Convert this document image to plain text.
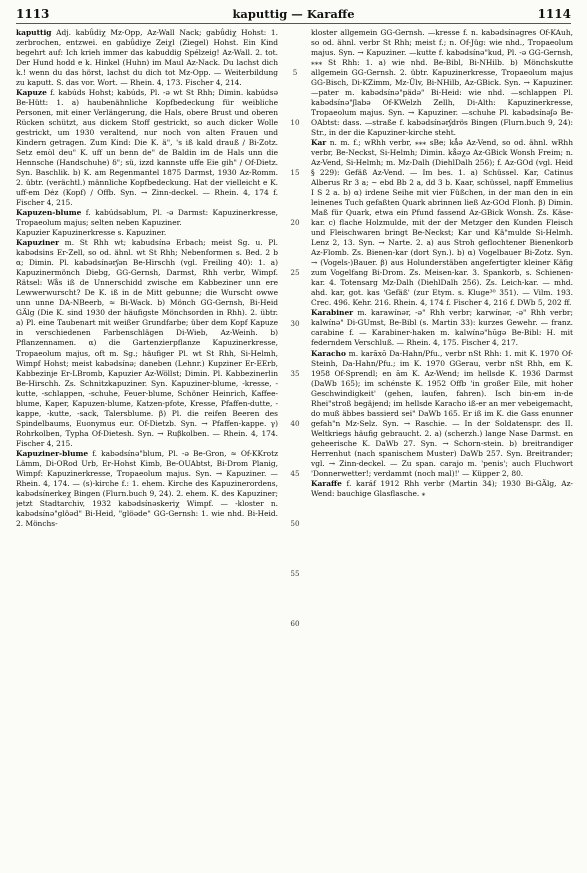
1113	kaputtig — Karaffe	1114

kaputtig Adj. kabǘdiχ Mz-Opp, Az-Wall Nack; gabǘdiχ Hohst: 1. zerbrochen, entzwei. en gabǘdiχe Ζeiχl (Ziegel) Hohst. Ein Kind begehrt auf: Ich krieh immer das kabuddig Spélzeig! Az-Wall. 2. tot. Der Hund hodd e k. Hinkel (Huhn) im Maul Az-Nack. Du lachst dich k.! wenn du das hörst, lachst du dich tot Mz-Opp. — Weiterbildung zu kaputt. S. das vor. Wort. — Rhein. 4, 173. Fischer 4, 214.

Kapuze f. kabúds Hohst; kabúds, Pl. -ə wt St Rhh; Dimin. kabúdsǝ Be-Hütt: 1. a) haubenähnliche Kopfbedeckung für weibliche Personen, mit einer Verlängerung, die Hals, obere Brust und oberen Rücken schützt, aus dickem Stoff gestrickt, so auch dicker Wolle gestrickt, um 1930 veraltend, nur noch von alten Frauen und Kindern getragen. Zum Kind: Die K. ä", 's iß kald drauß / Bi-Zotz. Setz emòl deu" K. uff un benn de" de Baldin im de Hals unn die Hennsche (Handschuhe) δ"; sü, izzd kannste uffe Eie gih" / Of-Dietz. Syn. Baschlik. b) K. am Regenmantel 1875 Darmst, 1930 Az-Romm. 2. übtr. (verächtl.) männliche Kopfbedeckung. Hat der vielleicht e K. uff-em Dėz (Kopf) / Offb. Syn. → Zinn-deckel. — Rhein. 4, 174 f. Fischer 4, 215.

Kapuzen-blume f. kabúdsǝblum, Pl. -ǝ Darmst: Kapuzinerkresse, Tropaeolum majus; selten neben Kapuziner.

Kapuzier Kapuzinerkresse s. Kapuziner.

Kapuziner m. St Rhh wt; kabudsínǝ Erbach; meist Sg. u. Pl. kabǝdsins Er-Zell, so od. ähnl. wt St Rhh; Nebenformen s. Bed. 2 b α; Dimin. Pl. kabǝdsínǝrʃǝn Be-Hirschh (vgl. Freiling 40): 1. a) Kapuzinermönch Diebg, GG-Gernsh, Darmst, Rhh verbr, Wimpf. Rätsel: Wås iß de Unnerschidd zwische em Kabbeziner unn ere Lewwerwurscht? De K. iß in de Mitt gebunne; die Wurscht owwe unn unne DA-NBeerb, ≈ Bi-Wack. b) Mönch GG-Gernsh, Bi-Heid GÄlg (Die K. sind 1930 der häufigste Mönchsorden in Rhh). 2. übtr. a) Pl. eine Taubenart mit weißer Grundfarbe; über dem Kopf Kapuze in verschiedenen Farbenschlägen Di-Wieb, Az-Weinh. b) Pflanzennamen. α) die Gartenzierpflanze Kapuzinerkresse, Tropaeolum majus, oft m. Sg.; häufiger Pl. wt St Rhh, Si-Helmh, Wimpf Hohst; meist kabǝdsínǝ; daneben (Lehnr.) Kupziner Er-EErb, Kabbezinje Er-LBromb, Kapuzier Az-Wöllst; Dimin. Pl. Kabbezinerlin Be-Hirschh. Zs. Schnitzkapuziner. Syn. Kapuziner-blume, -kresse, -kutte, -schlappen, -schuhe, Feuer-blume, Schöner Heinrich, Kaffee-blume, Kaper, Kapuzen-blume, Katzen-pfote, Kresse, Pfaffen-dutte, -kappe, -kutte, -sack, Talersblume. β) Pl. die reifen Beeren des Spindelbaums, Euonymus eur. Of-Dietzb. Syn. → Pfaffen-kappe. γ) Rohrkolben, Typha Of-Dietesh. Syn. → Ruβkolben. — Rhein. 4, 174. Fischer 4, 215.

Kapuziner-blume f. kabǝdsínǝ"blum, Pl. -ǝ Be-Gron, ≈ Of-KKrotz Lämm, Di-ORod Urb, Er-Hohst Kimb, Be-OUAbtst, Bi-Drom Planig, Wimpf: Kapuzinerkresse, Tropaeolum majus. Syn. → Kapuziner. — Rhein. 4, 174. — (s)-kirche f.: 1. ehem. Kirche des Kapuzinerordens, kabǝdsínerkeχ Bingen (Flurn.buch 9, 24). 2. ehem. K. des Kapuziner; jetzt Stadtarchiv, 1932 kabǝdsínǝskeriχ Wimpf. — -kloster n. kabǝdsínǝ"glöǝd" Bi-Heid, "glöǝde" GG-Gernsh: 1. wie nhd. Bi-Heid. 2. Mönchs-

5
10
15
20
25
30
35
40
45
50
55
60

kloster allgemein GG-Gernsh. —kresse f. n. kabǝdsínǝgres Of-KAuh, so od. ähnl. verbr St Rhh; meist f.; n. Of-Jüg: wie nhd., Tropaeolum majus. Syn. → Kapuziner. —kutte f. kabǝdsínǝ"kud, Pl. -ǝ GG-Gernsh, ⁎⁎⁎ St Rhh: 1. a) wie nhd. Be-Bibl, Bi-NHilb. b) Mönchskutte allgemein GG-Gernsh. 2. übtr. Kapuzinerkresse, Tropaeolum majus GG-Bisch, Di-KZimm, Mz-Ülv, Bi-NHilb, Az-GBick. Syn. → Kapuziner. —pater m. kabǝdsínǝ"pädǝ" Bi-Heid: wie nhd. —schlappen Pl. kabǝdsínǝ"ʃlabǝ Of-KWelzh Zellh, Di-Alth: Kapuzinerkresse, Tropaeolum majus. Syn. → Kapuziner. —schuhe Pl. kabǝdsínǝʃǝ Be-OAbtst: dass. —straße f. kabǝdsínǝrʃdrös Bingen (Flurn.buch 9, 24): Str., in der die Kapuziner-kirche steht.

Kar n. m. f.; wRhh verbr, ⁎⁎⁎ sBe; kǻǝ Az-Vend, so od. ähnl. wRhh verbr, Be-Neckst, Si-Helmh; Dimin. kǻǝχǝ Az-GBick Wonsh Freim; n. Az-Vend, Si-Helmh; m. Mz-Dalh (DiehlDalh 256); f. Az-GOd (vgl. Heid § 229): Gefäß Az-Vend. — Im bes. 1. a) Schüssel. Kar, Catinus Alberus Rr 3 a; ~ ebd Bb 2 a, dd 3 b. Kaar, schüssel, napff Emmelius I S 2 a. b) α) irdene Seihe mit vier Füßchen, in der man den in ein leinenes Tuch gefaßten Quark abrinnen ließ Az-GOd Flonh. β) Dimin. Maß für Quark, etwa ein Pfund fassend Az-GBick Wonsh. Zs. Käse-kar. c) flache Holzmulde, mit der der Metzger den Kunden Fleisch und Fleischwaren bringt Be-Neckst; Kar und Kä"mulde Si-Helmh. Lenz 2, 13. Syn. → Narte. 2. a) aus Stroh geflochtener Bienenkorb Az-Flomb. Zs. Bienen-kar (dort Syn.). b) α) Vogelbauer Bi-Zotz. Syn. → (Vogels-)Bauer. β) aus Holunderstäben angefertigter kleiner Käfig zum Vogelfang Bi-Drom. Zs. Meisen-kar. 3. Spankorb, s. Schienen-kar. 4. Totensarg Mz-Dalh (DiehlDalh 256). Zs. Leich-kar. — mhd. ahd. kar, got. kas 'Gefäß' (zur Etym. s. Kluge³⁰ 351). — Vilm. 193. Crec. 496. Kehr. 216. Rhein. 4, 174 f. Fischer 4, 216 f. DWb 5, 202 ff.

Karabiner m. karawínǝr, -ǝ" Rhh verbr; karwínǝr, -ǝ" Rhh verbr; kalwínǝ" Di-GUmst, Be-Bibl (s. Martin 33): kurzes Gewehr. — franz. carabine f. — Karabiner-haken m. kalwínǝ"hūgǝ Be-Bibl: H. mit federndem Verschluß. — Rhein. 4, 175. Fischer 4, 217.

Karacho m. karāxō Da-Hahn/Pfu., verbr nSt Rhh: 1. mit K. 1970 Of-Steinh, Da-Hahn/Pfu.; im K. 1970 GGerau, verbr nSt Rhh, em K. 1958 Of-Sprendl; en ām K. Az-Wend; im hellsde K. 1936 Darmst (DaWb 165); im schénste K. 1952 Offb 'in großer Eile, mit hoher Geschwindigkeit' (gehen, laufen, fahren). Isch bin-em in-de Rhei"stroß begäjend; im hellsde Karacho iß-er an mer vebeigemacht, do muß äbbes bassierd sei" DaWb 165. Er iß im K. die Gass enunner gefah"n Mz-Selz. Syn. → Raschie. — In der Soldatenspr. des II. Weltkriegs häufig gebraucht. 2. a) (scherzh.) lange Nase Darmst. en geheerische K. DaWb 27. Syn. → Schorn-stein. b) breitrandiger Herrenhut (nach spanischem Muster) DaWb 257. Syn. Breitrander; vgl. → Zinn-deckel. — Zu span. carajo m. 'penis'; auch Fluchwort 'Donnerwetter!; verdammt (noch mal)!' — Küpper 2, 80.

Karaffe f. karáf 1912 Rhh verbr (Martin 34); 1930 Bi-GÄlg, Az-Wend: bauchige Glasflasche. ⁎
